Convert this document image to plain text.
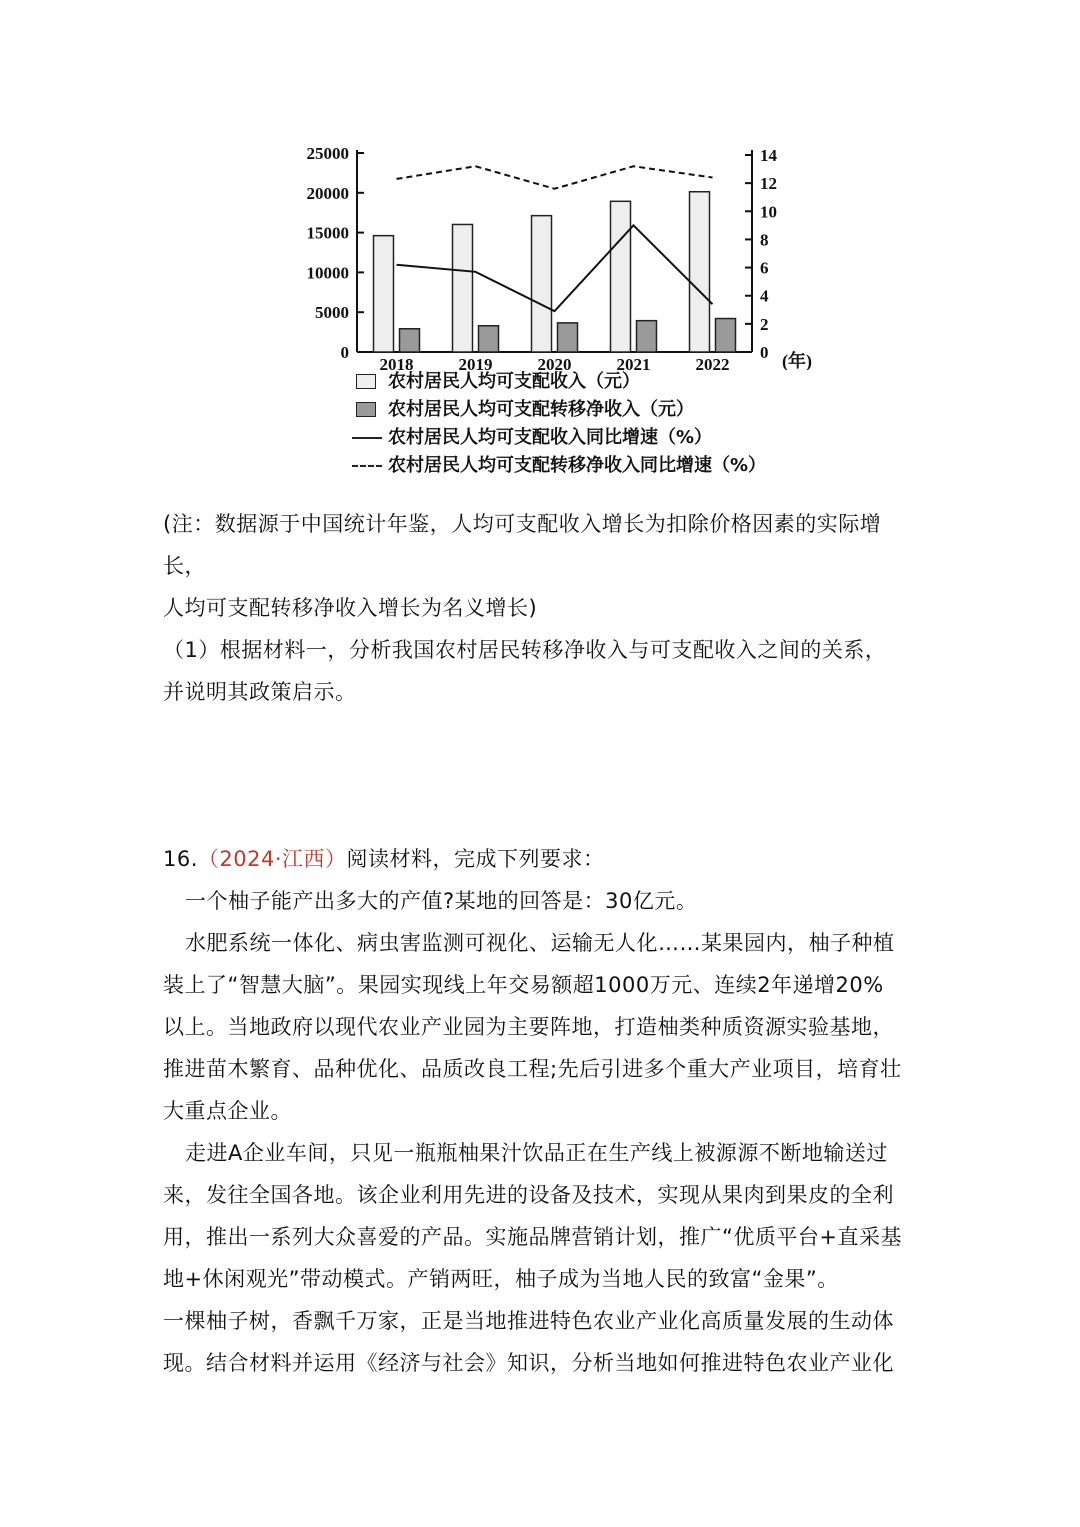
25000
20000
15000
10000
5000
0
14
12
10
8
6
4
2
0
2018	2019	2020	2021	2022	(年)
农村居民人均可支配收入（元）
农村居民人均可支配转移净收入（元）
农村居民人均可支配收入同比增速（%）
农村居民人均可支配转移净收入同比增速（%）

(注：数据源于中国统计年鉴，人均可支配收入增长为扣除价格因素的实际增长，

人均可支配转移净收入增长为名义增长)

（1）根据材料一，分析我国农村居民转移净收入与可支配收入之间的关系，

并说明其政策启示。

16.（2024·江西）阅读材料，完成下列要求：

一个柚子能产出多大的产值?某地的回答是：30亿元。

水肥系统一体化、病虫害监测可视化、运输无人化……某果园内，柚子种植

装上了“智慧大脑”。果园实现线上年交易额超1000万元、连续2年递增20%

以上。当地政府以现代农业产业园为主要阵地，打造柚类种质资源实验基地，

推进苗木繁育、品种优化、品质改良工程;先后引进多个重大产业项目，培育壮

大重点企业。

走进A企业车间，只见一瓶瓶柚果汁饮品正在生产线上被源源不断地输送过

来，发往全国各地。该企业利用先进的设备及技术，实现从果肉到果皮的全利

用，推出一系列大众喜爱的产品。实施品牌营销计划，推广“优质平台+直采基

地+休闲观光”带动模式。产销两旺，柚子成为当地人民的致富“金果”。

一棵柚子树，香飘千万家，正是当地推进特色农业产业化高质量发展的生动体

现。结合材料并运用《经济与社会》知识，分析当地如何推进特色农业产业化
